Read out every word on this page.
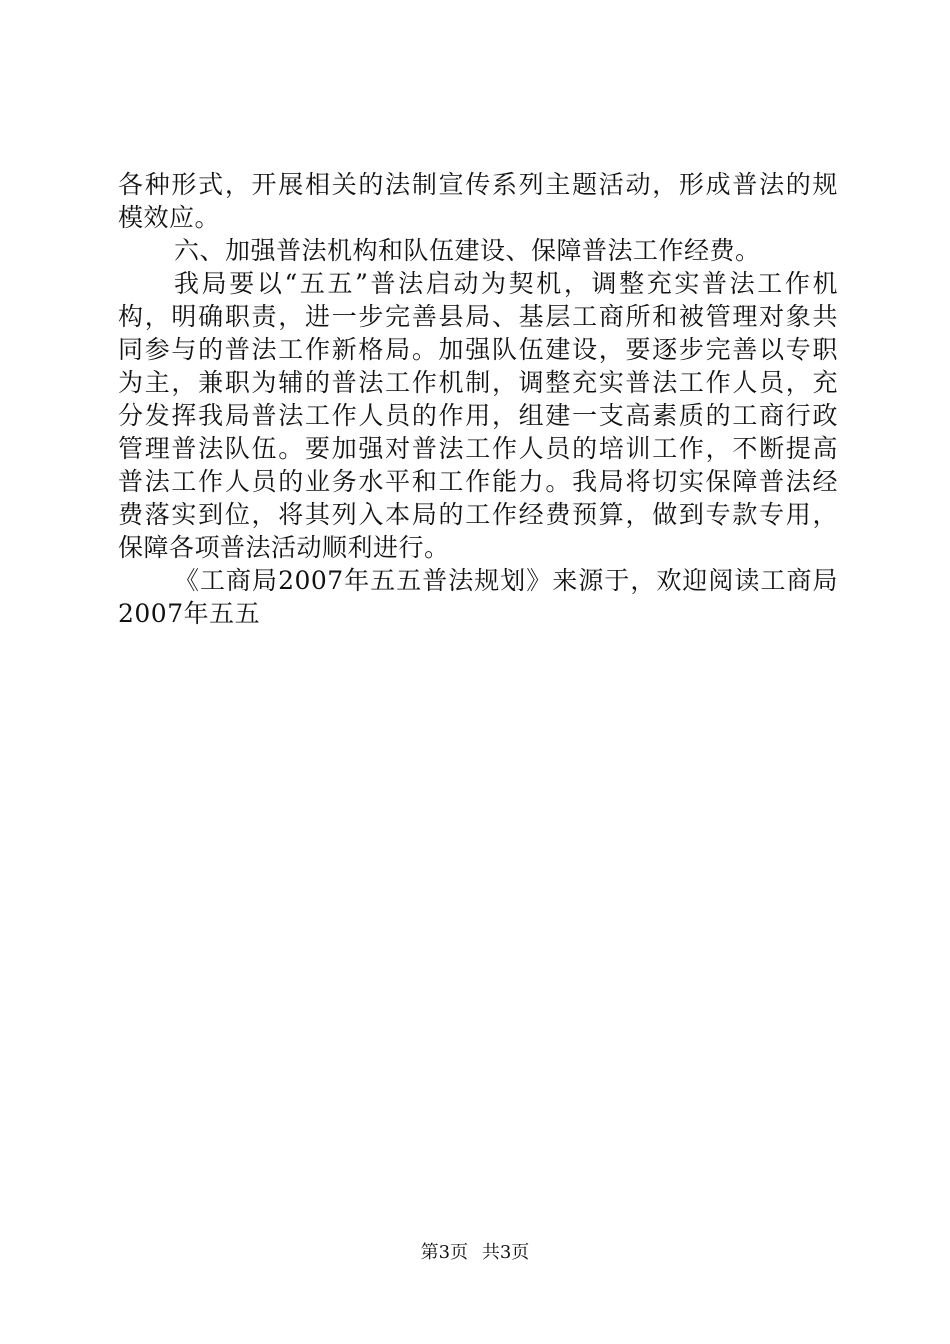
各种形式，开展相关的法制宣传系列主题活动，形成普法的规
模效应。
六、加强普法机构和队伍建设、保障普法工作经费。
我局要以“五五”普法启动为契机，调整充实普法工作机
构，明确职责，进一步完善县局、基层工商所和被管理对象共
同参与的普法工作新格局。加强队伍建设，要逐步完善以专职
为主，兼职为辅的普法工作机制，调整充实普法工作人员，充
分发挥我局普法工作人员的作用，组建一支高素质的工商行政
管理普法队伍。要加强对普法工作人员的培训工作，不断提高
普法工作人员的业务水平和工作能力。我局将切实保障普法经
费落实到位，将其列入本局的工作经费预算，做到专款专用，
保障各项普法活动顺利进行。
《工商局2007年五五普法规划》来源于，欢迎阅读工商局
2007年五五
第3页 共3页
